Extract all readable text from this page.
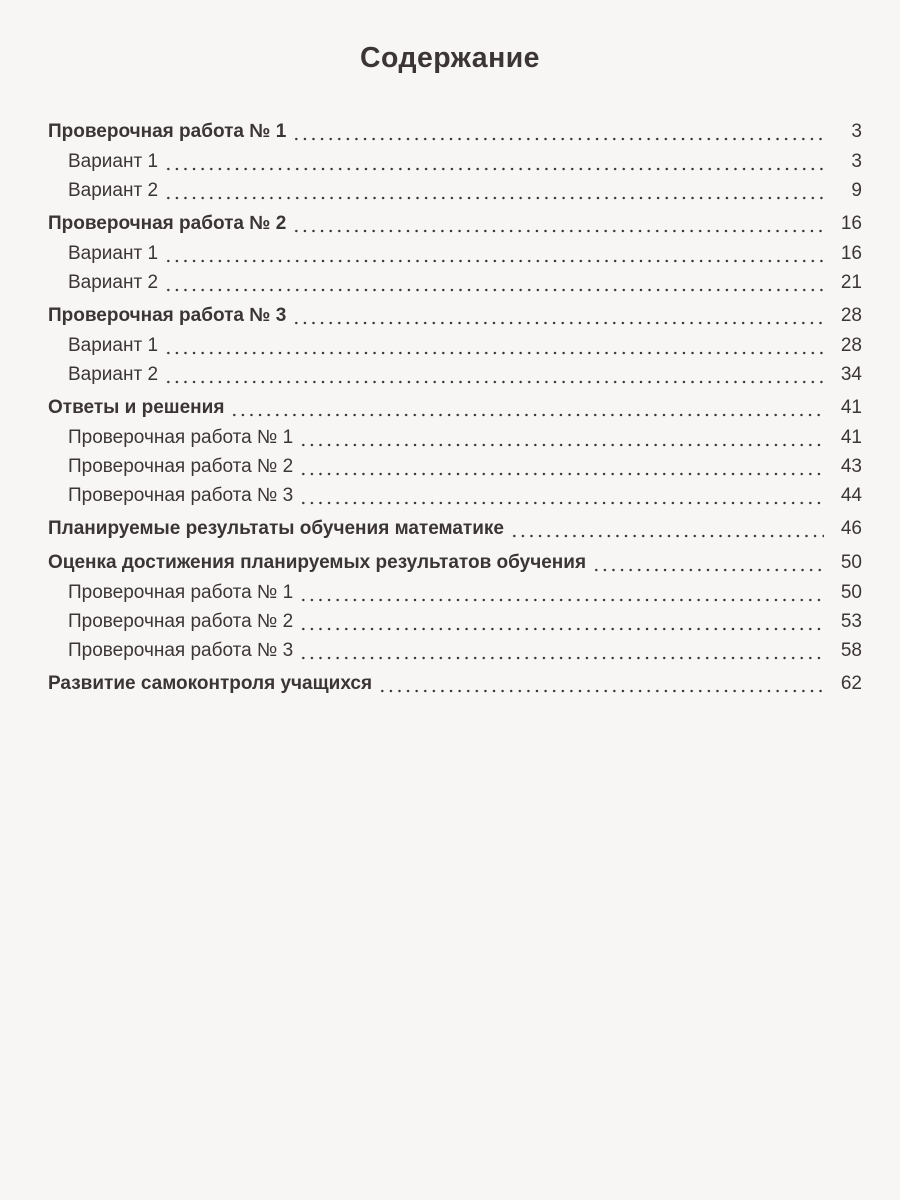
Содержание
Проверочная работа № 1	3
Вариант 1	3
Вариант 2	9
Проверочная работа № 2	16
Вариант 1	16
Вариант 2	21
Проверочная работа № 3	28
Вариант 1	28
Вариант 2	34
Ответы и решения	41
Проверочная работа № 1	41
Проверочная работа № 2	43
Проверочная работа № 3	44
Планируемые результаты обучения математике	46
Оценка достижения планируемых результатов обучения	50
Проверочная работа № 1	50
Проверочная работа № 2	53
Проверочная работа № 3	58
Развитие самоконтроля учащихся	62
